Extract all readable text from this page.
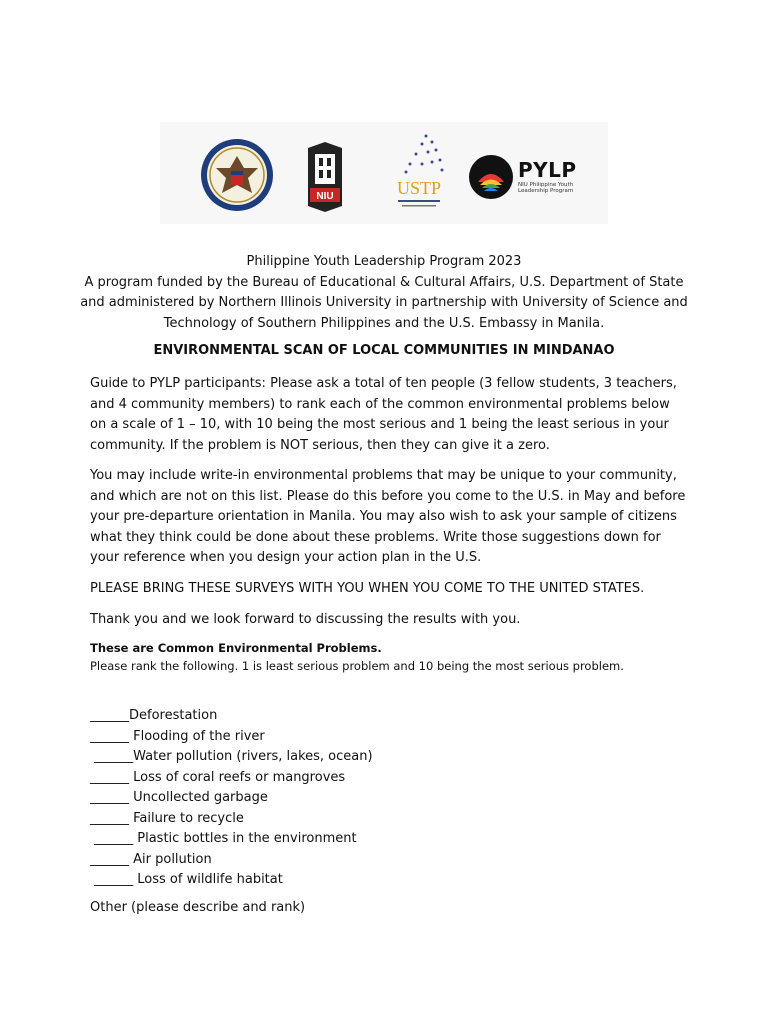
NIU	USTP
PYLP
NIU Philippine Youth Leadership Program
Philippine Youth Leadership Program 2023
A program funded by the Bureau of Educational & Cultural Affairs, U.S. Department of State
and administered by Northern Illinois University in partnership with University of Science and
Technology of Southern Philippines and the U.S. Embassy in Manila.
ENVIRONMENTAL SCAN OF LOCAL COMMUNITIES IN MINDANAO
Guide to PYLP participants: Please ask a total of ten people (3 fellow students, 3 teachers, and 4 community members) to rank each of the common environmental problems below on a scale of 1 – 10, with 10 being the most serious and 1 being the least serious in your community. If the problem is NOT serious, then they can give it a zero.
You may include write-in environmental problems that may be unique to your community, and which are not on this list. Please do this before you come to the U.S. in May and before your pre-departure orientation in Manila. You may also wish to ask your sample of citizens what they think could be done about these problems. Write those suggestions down for your reference when you design your action plan in the U.S.
PLEASE BRING THESE SURVEYS WITH YOU WHEN YOU COME TO THE UNITED STATES.
Thank you and we look forward to discussing the results with you.
These are Common Environmental Problems.
Please rank the following. 1 is least serious problem and 10 being the most serious problem.
______Deforestation
______ Flooding of the river
______Water pollution (rivers, lakes, ocean)
______ Loss of coral reefs or mangroves
______ Uncollected garbage
______ Failure to recycle
______ Plastic bottles in the environment
______ Air pollution
______ Loss of wildlife habitat
Other (please describe and rank)
